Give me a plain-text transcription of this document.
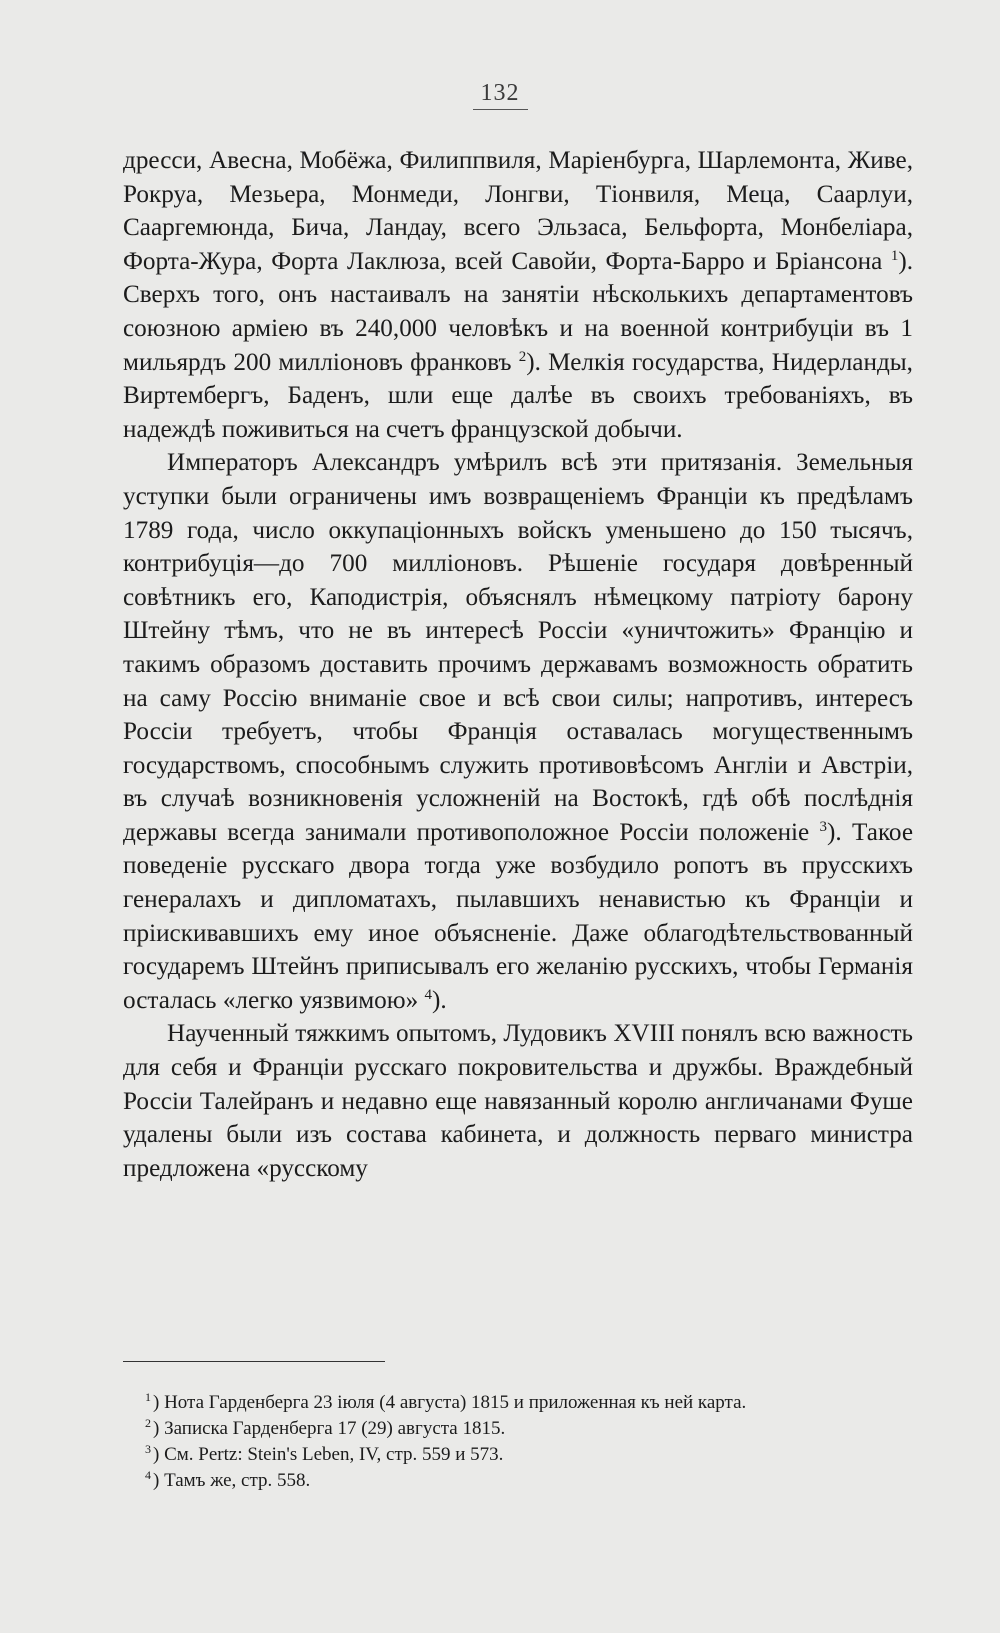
132

дресси, Авесна, Мобёжа, Филиппвиля, Маріенбурга, Шарлемонта, Живе, Рокруа, Мезьера, Монмеди, Лонгви, Тіонвиля, Меца, Саарлуи, Сааргемюнда, Бича, Ландау, всего Эльзаса, Бельфорта, Монбеліара, Форта-Жура, Форта Лаклюза, всей Савойи, Форта-Барро и Бріансона $^1$). Сверхъ того, онъ настаивалъ на занятіи нѣсколькихъ департаментовъ союзною арміею въ 240,000 человѣкъ и на военной контрибуціи въ 1 мильярдъ 200 милліоновъ франковъ $^2$). Мелкія государства, Нидерланды, Виртембергъ, Баденъ, шли еще далѣе въ своихъ требованіяхъ, въ надеждѣ поживиться на счетъ французской добычи.

Императоръ Александръ умѣрилъ всѣ эти притязанія. Земельныя уступки были ограничены имъ возвращеніемъ Франціи къ предѣламъ 1789 года, число оккупаціонныхъ войскъ уменьшено до 150 тысячъ, контрибуція—до 700 милліоновъ. Рѣшеніе государя довѣренный совѣтникъ его, Каподистрія, объяснялъ нѣмецкому патріоту барону Штейну тѣмъ, что не въ интересѣ Россіи «уничтожить» Францію и такимъ образомъ доставить прочимъ державамъ возможность обратить на саму Россію вниманіе свое и всѣ свои силы; напротивъ, интересъ Россіи требуетъ, чтобы Франція оставалась могущественнымъ государствомъ, способнымъ служить противовѣсомъ Англіи и Австріи, въ случаѣ возникновенія усложненій на Востокѣ, гдѣ обѣ послѣднія державы всегда занимали противоположное Россіи положеніе $^3$). Такое поведеніе русскаго двора тогда уже возбудило ропотъ въ прусскихъ генералахъ и дипломатахъ, пылавшихъ ненавистью къ Франціи и пріискивавшихъ ему иное объясненіе. Даже облагодѣтельствованный государемъ Штейнъ приписывалъ его желанію русскихъ, чтобы Германія осталась «легко уязвимою» $^4$).

Наученный тяжкимъ опытомъ, Лудовикъ XVIII понялъ всю важность для себя и Франціи русскаго покровительства и дружбы. Враждебный Россіи Талейранъ и недавно еще навязанный королю англичанами Фуше удалены были изъ состава кабинета, и должность перваго министра предложена «русскому

$^1$ ) Нота Гарденберга 23 іюля (4 августа) 1815 и приложенная къ ней карта.

$^2$ ) Записка Гарденберга 17 (29) августа 1815.

$^3$ ) См. Pertz: Stein's Leben, IV, стр. 559 и 573.

$^4$ ) Тамъ же, стр. 558.
